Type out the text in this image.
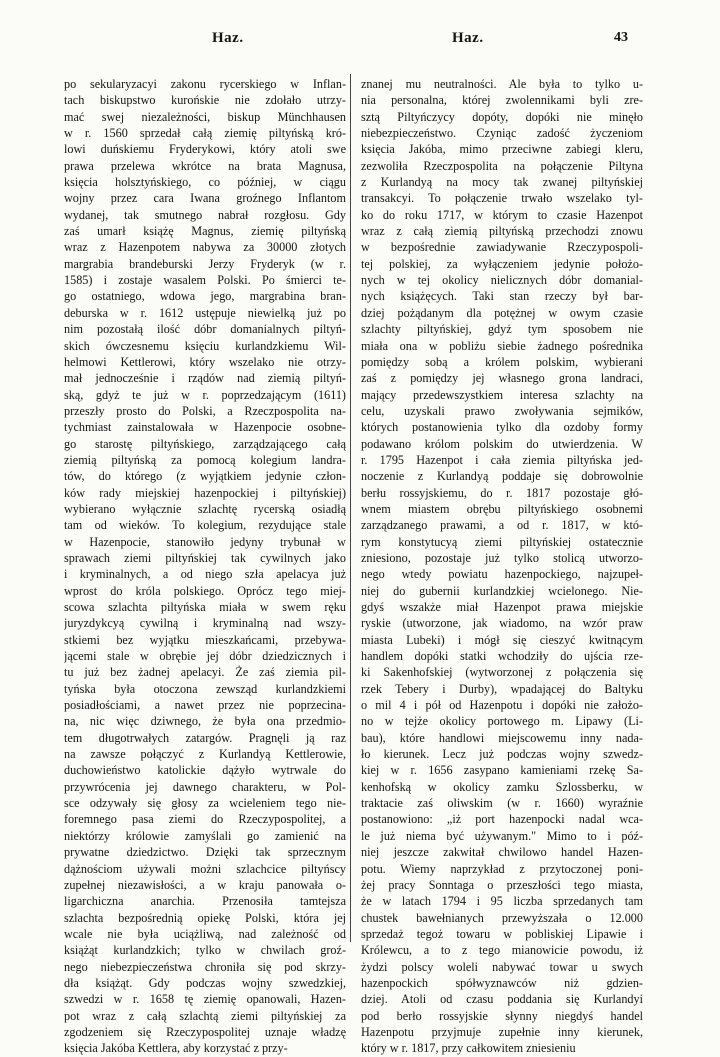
Haz.	Haz.	43
po sekularyzacyi zakonu rycerskiego w Inflan-
tach biskupstwo kurońskie nie zdołało utrzy-
mać swej niezależności, biskup Münchhausen
w r. 1560 sprzedał całą ziemię piltyńską kró-
lowi duńskiemu Fryderykowi, który atoli swe
prawa przelewa wkrótce na brata Magnusa,
księcia holsztyńskiego, co później, w ciągu
wojny przez cara Iwana groźnego Inflantom
wydanej, tak smutnego nabrał rozgłosu. Gdy
zaś umarł książę Magnus, ziemię piltyńską
wraz z Hazenpotem nabywa za 30000 złotych
margrabia brandeburski Jerzy Fryderyk (w r.
1585) i zostaje wasalem Polski. Po śmierci te-
go ostatniego, wdowa jego, margrabina bran-
deburska w r. 1612 ustępuje niewielką już po
nim pozostałą ilość dóbr domanialnych piltyń-
skich ówczesnemu księciu kurlandzkiemu Wil-
helmowi Kettlerowi, który wszelako nie otrzy-
mał jednocześnie i rządów nad ziemią piltyń-
ską, gdyż te już w r. poprzedzającym (1611)
przeszły prosto do Polski, a Rzeczpospolita na-
tychmiast zainstalowała w Hazenpocie osobne-
go starostę piltyńskiego, zarządzającego całą
ziemią piltyńską za pomocą kolegium landra-
tów, do którego (z wyjątkiem jedynie człon-
ków rady miejskiej hazenpockiej i piltyńskiej)
wybierano wyłącznie szlachtę rycerską osiadłą
tam od wieków. To kolegium, rezydujące stale
w Hazenpocie, stanowiło jedyny trybunał w
sprawach ziemi piltyńskiej tak cywilnych jako
i kryminalnych, a od niego szła apelacya już
wprost do króla polskiego. Oprócz tego miej-
scowa szlachta piltyńska miała w swem ręku
juryzdykcyą cywilną i kryminalną nad wszy-
stkiemi bez wyjątku mieszkańcami, przebywa-
jącemi stale w obrębie jej dóbr dziedzicznych i
tu już bez żadnej apelacyi. Że zaś ziemia pil-
tyńska była otoczona zewsząd kurlandzkiemi
posiadłościami, a nawet przez nie poprzecina-
na, nic więc dziwnego, że była ona przedmio-
tem długotrwałych zatargów. Pragnęli ją raz
na zawsze połączyć z Kurlandyą Kettlerowie,
duchowieństwo katolickie dążyło wytrwale do
przywrócenia jej dawnego charakteru, w Pol-
sce odzywały się głosy za wcieleniem tego nie-
foremnego pasa ziemi do Rzeczypospolitej, a
niektórzy królowie zamyślali go zamienić na
prywatne dziedzictwo. Dzięki tak sprzecznym
dążnościom używali możni szlachcice piltyńscy
zupełnej niezawisłości, a w kraju panowała o-
ligarchiczna anarchia. Przenosiła tamtejsza
szlachta bezpośrednią opiekę Polski, która jej
wcale nie była uciążliwą, nad zależność od
książąt kurlandzkich; tylko w chwilach groź-
nego niebezpieczeństwa chroniła się pod skrzy-
dła książąt. Gdy podczas wojny szwedzkiej,
szwedzi w r. 1658 tę ziemię opanowali, Hazen-
pot wraz z całą szlachtą ziemi piltyńskiej za
zgodzeniem się Rzeczypospolitej uznaje władzę
księcia Jakóba Kettlera, aby korzystać z przy-
znanej mu neutralności. Ale była to tylko u-
nia personalna, której zwolennikami byli zre-
sztą Piltyńczycy dopóty, dopóki nie minęło
niebezpieczeństwo. Czyniąc zadość życzeniom
księcia Jakóba, mimo przeciwne zabiegi kleru,
zezwoliła Rzeczpospolita na połączenie Piltyna
z Kurlandyą na mocy tak zwanej piltyńskiej
transakcyi. To połączenie trwało wszelako tyl-
ko do roku 1717, w którym to czasie Hazenpot
wraz z całą ziemią piltyńską przechodzi znowu
w bezpośrednie zawiadywanie Rzeczypospoli-
tej polskiej, za wyłączeniem jedynie położo-
nych w tej okolicy nielicznych dóbr domanial-
nych książęcych. Taki stan rzeczy był bar-
dziej pożądanym dla potężnej w owym czasie
szlachty piltyńskiej, gdyż tym sposobem nie
miała ona w pobliżu siebie żadnego pośrednika
pomiędzy sobą a królem polskim, wybierani
zaś z pomiędzy jej własnego grona landraci,
mający przedewszystkiem interesa szlachty na
celu, uzyskali prawo zwoływania sejmików,
których postanowienia tylko dla ozdoby formy
podawano królom polskim do utwierdzenia. W
r. 1795 Hazenpot i cała ziemia piltyńska jed-
noczenie z Kurlandyą poddaje się dobrowolnie
berłu rossyjskiemu, do r. 1817 pozostaje głó-
wnem miastem obrębu piltyńskiego osobnemi
zarządzanego prawami, a od r. 1817, w któ-
rym konstytucyą ziemi piltyńskiej ostatecznie
zniesiono, pozostaje już tylko stolicą utworzo-
nego wtedy powiatu hazenpockiego, najzupeł-
niej do gubernii kurlandzkiej wcielonego. Nie-
gdyś wszakże miał Hazenpot prawa miejskie
ryskie (utworzone, jak wiadomo, na wzór praw
miasta Lubeki) i mógł się cieszyć kwitnącym
handlem dopóki statki wchodziły do ujścia rze-
ki Sakenhofskiej (wytworzonej z połączenia się
rzek Tebery i Durby), wpadającej do Baltyku
o mil 4 i pół od Hazenpotu i dopóki nie założo-
no w tejże okolicy portowego m. Lipawy (Li-
bau), które handlowi miejscowemu inny nada-
ło kierunek. Lecz już podczas wojny szwedz-
kiej w r. 1656 zasypano kamieniami rzekę Sa-
kenhofską w okolicy zamku Szlossberku, w
traktacie zaś oliwskim (w r. 1660) wyraźnie
postanowiono: „iż port hazenpocki nadal wca-
le już niema być używanym." Mimo to i póź-
niej jeszcze zakwitał chwilowo handel Hazen-
potu. Wiemy naprzykład z przytoczonej poni-
żej pracy Sonntaga o przeszłości tego miasta,
że w latach 1794 i 95 liczba sprzedanych tam
chustek bawełnianych przewyższała o 12.000
sprzedaż tegoż towaru w pobliskiej Lipawie i
Królewcu, a to z tego mianowicie powodu, iż
żydzi polscy woleli nabywać towar u swych
hazenpockich spółwyznawców niż gdzien-
dziej. Atoli od czasu poddania się Kurlandyi
pod berło rossyjskie słynny niegdyś handel
Hazenpotu przyjmuje zupełnie inny kierunek,
który w r. 1817, przy całkowitem zniesieniu
